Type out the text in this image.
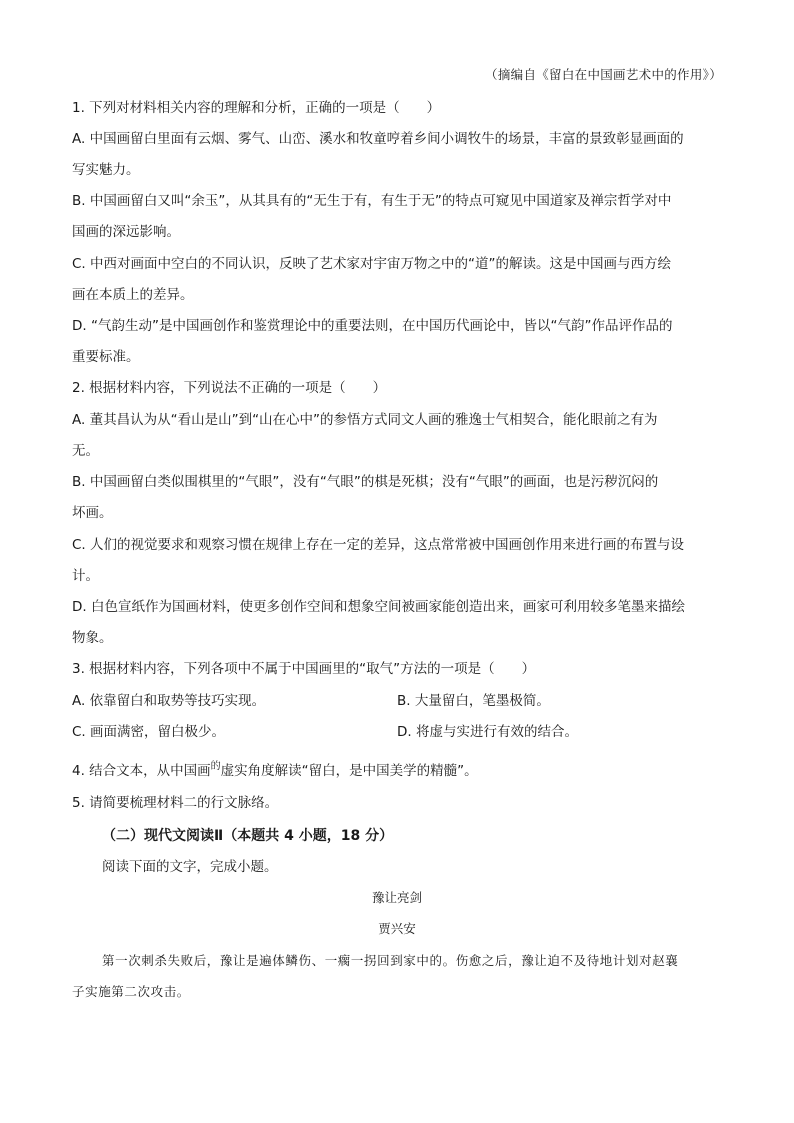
（摘编自《留白在中国画艺术中的作用》）
1. 下列对材料相关内容的理解和分析，正确的一项是（　　）
A. 中国画留白里面有云烟、雾气、山峦、溪水和牧童哼着乡间小调牧牛的场景，丰富的景致彰显画面的
写实魅力。
B. 中国画留白又叫“余玉”，从其具有的“无生于有，有生于无”的特点可窥见中国道家及禅宗哲学对中
国画的深远影响。
C. 中西对画面中空白的不同认识，反映了艺术家对宇宙万物之中的“道”的解读。这是中国画与西方绘
画在本质上的差异。
D. “气韵生动”是中国画创作和鉴赏理论中的重要法则，在中国历代画论中，皆以“气韵”作品评作品的
重要标准。
2. 根据材料内容，下列说法不正确的一项是（　　）
A. 董其昌认为从“看山是山”到“山在心中”的参悟方式同文人画的雅逸士气相契合，能化眼前之有为
无。
B. 中国画留白类似围棋里的“气眼”，没有“气眼”的棋是死棋；没有“气眼”的画面，也是污秽沉闷的
坏画。
C. 人们的视觉要求和观察习惯在规律上存在一定的差异，这点常常被中国画创作用来进行画的布置与设
计。
D. 白色宣纸作为国画材料，使更多创作空间和想象空间被画家能创造出来，画家可利用较多笔墨来描绘
物象。
3. 根据材料内容，下列各项中不属于中国画里的“取气”方法的一项是（　　）
A. 依靠留白和取势等技巧实现。	B. 大量留白，笔墨极简。
C. 画面满密，留白极少。	D. 将虚与实进行有效的结合。
4. 结合文本，从中国画$^的$虚实角度解读“留白，是中国美学的精髓”。
5. 请简要梳理材料二的行文脉络。
（二）现代文阅读Ⅱ（本题共 4 小题，18 分）
阅读下面的文字，完成小题。
豫让亮剑
贾兴安
第一次刺杀失败后，豫让是遍体鳞伤、一瘸一拐回到家中的。伤愈之后，豫让迫不及待地计划对赵襄
子实施第二次攻击。
